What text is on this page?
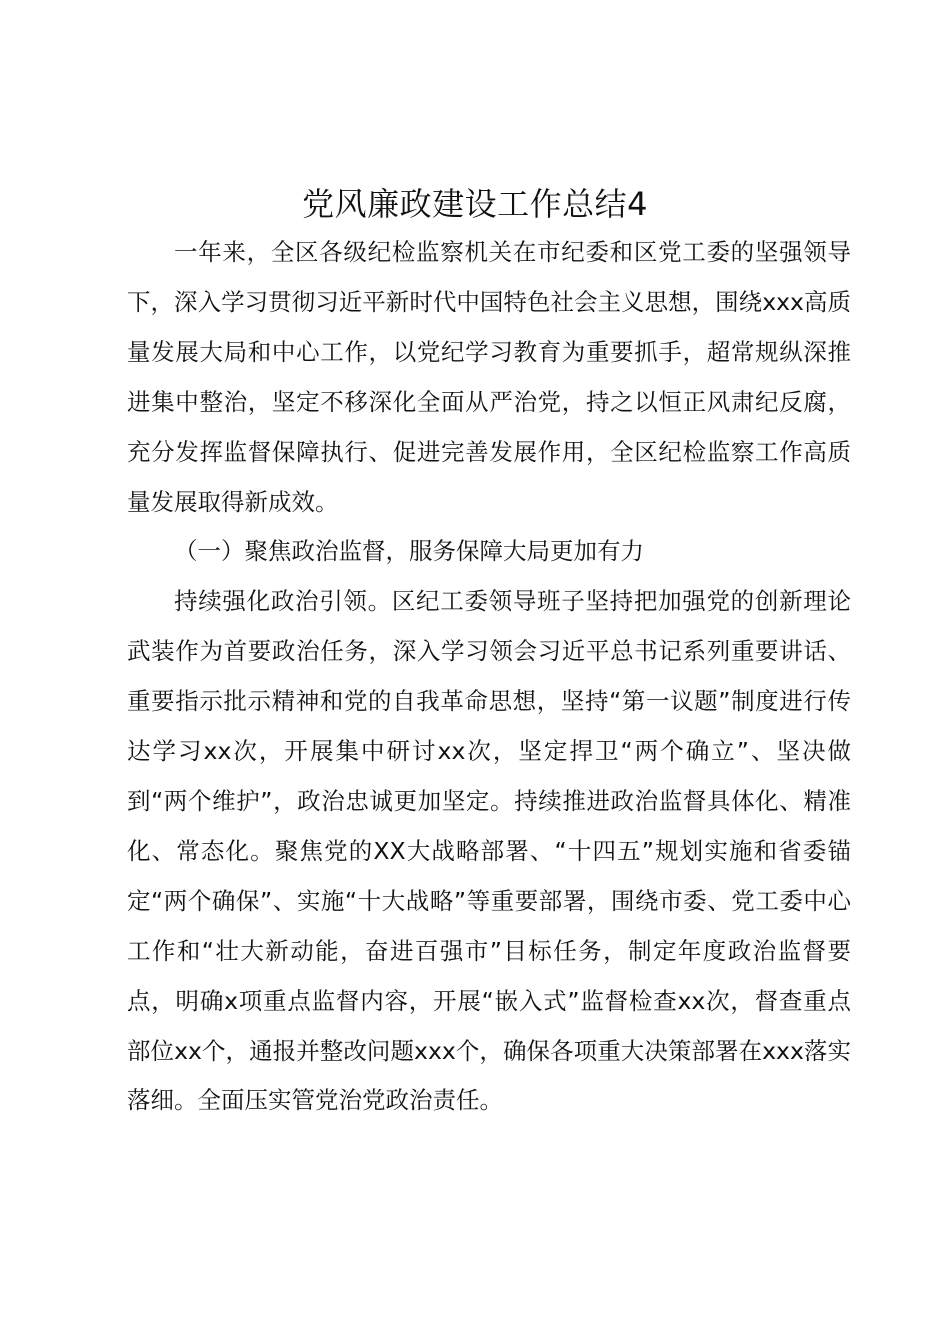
党风廉政建设工作总结4

一年来，全区各级纪检监察机关在市纪委和区党工委的坚强领导下，深入学习贯彻习近平新时代中国特色社会主义思想，围绕xxx高质量发展大局和中心工作，以党纪学习教育为重要抓手，超常规纵深推进集中整治，坚定不移深化全面从严治党，持之以恒正风肃纪反腐，充分发挥监督保障执行、促进完善发展作用，全区纪检监察工作高质量发展取得新成效。

（一）聚焦政治监督，服务保障大局更加有力

持续强化政治引领。区纪工委领导班子坚持把加强党的创新理论武装作为首要政治任务，深入学习领会习近平总书记系列重要讲话、重要指示批示精神和党的自我革命思想，坚持“第一议题”制度进行传达学习xx次，开展集中研讨xx次，坚定捍卫“两个确立”、坚决做到“两个维护”，政治忠诚更加坚定。持续推进政治监督具体化、精准化、常态化。聚焦党的XX大战略部署、“十四五”规划实施和省委锚定“两个确保”、实施“十大战略”等重要部署，围绕市委、党工委中心工作和“壮大新动能，奋进百强市”目标任务，制定年度政治监督要点，明确x项重点监督内容，开展“嵌入式”监督检查xx次，督查重点部位xx个，通报并整改问题xxx个，确保各项重大决策部署在xxx落实落细。全面压实管党治党政治责任。
